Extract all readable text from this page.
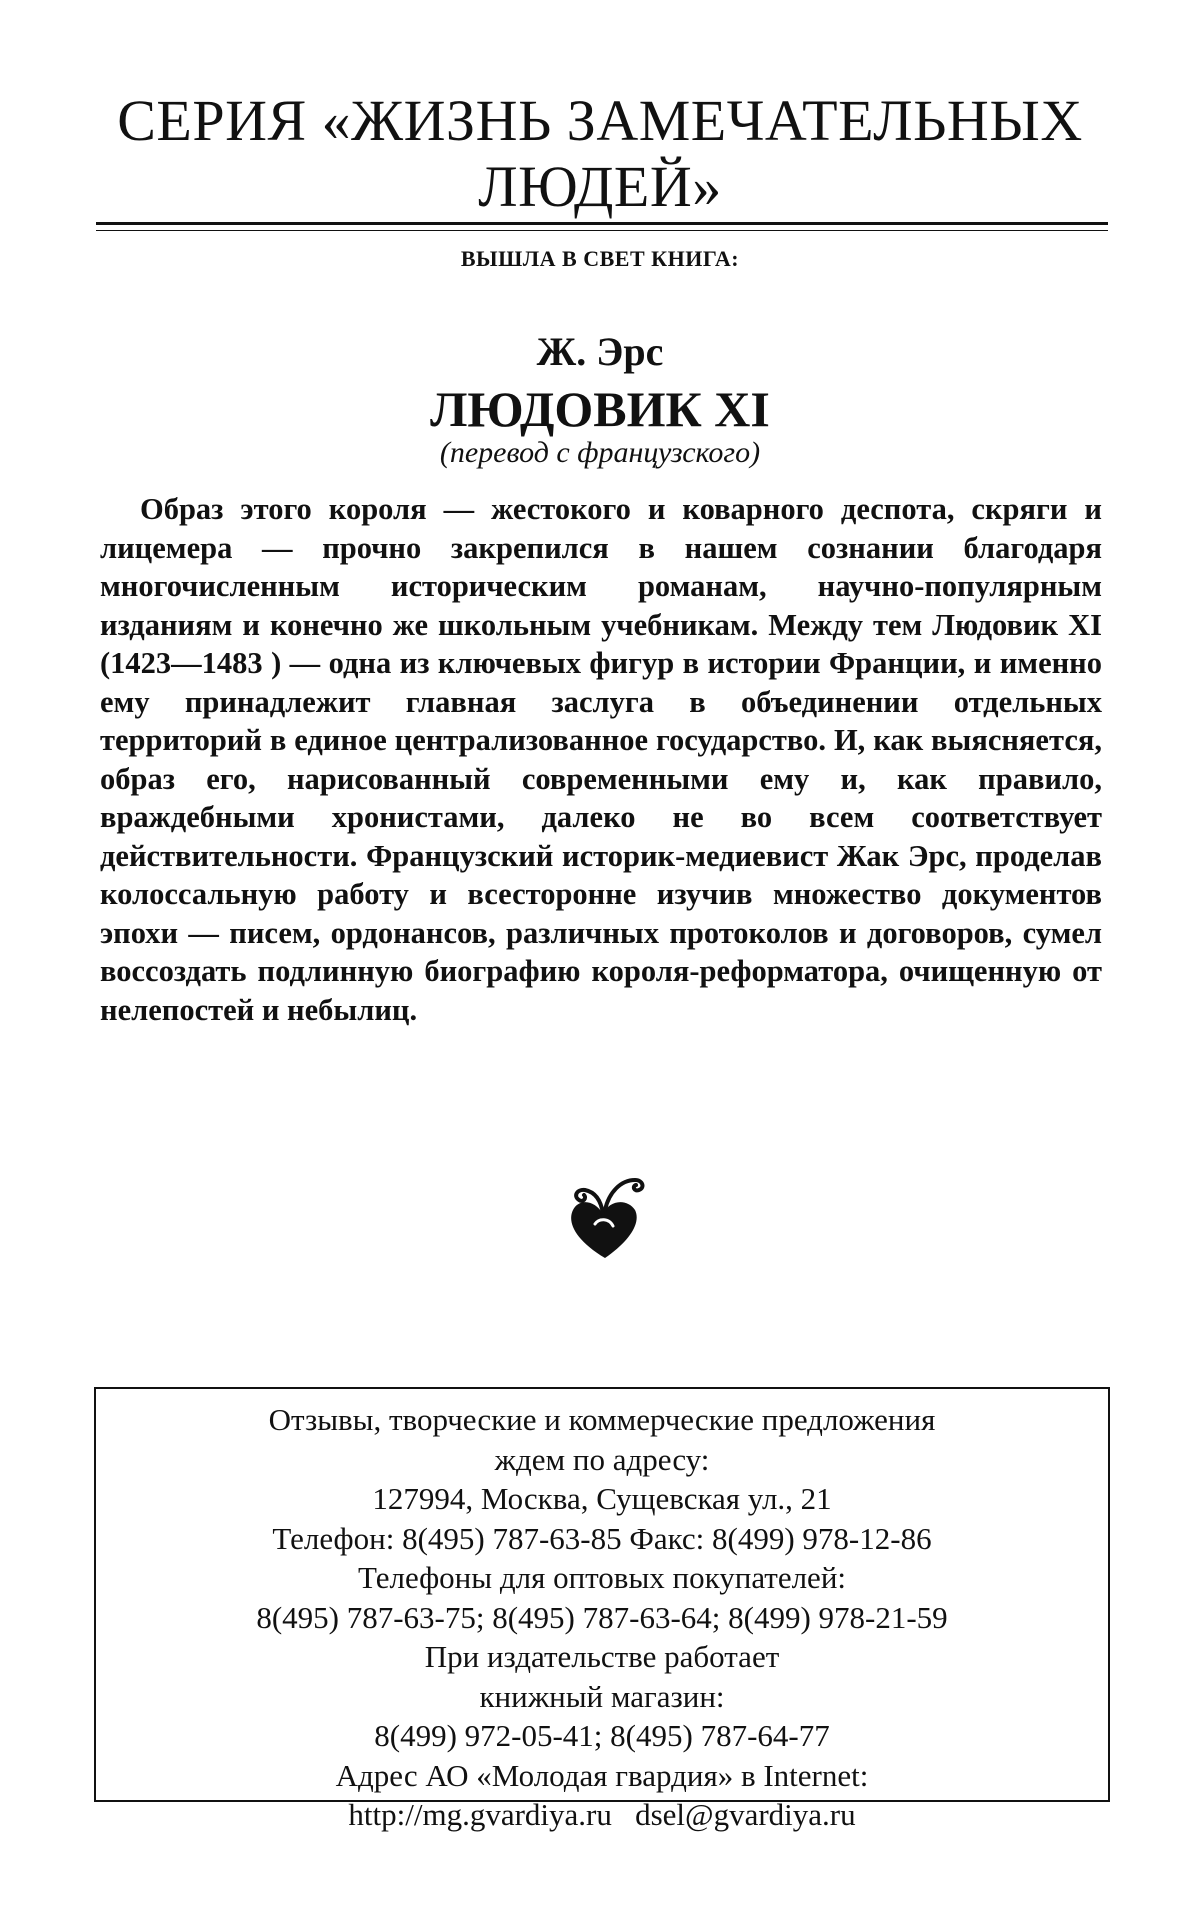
СЕРИЯ «ЖИЗНЬ ЗАМЕЧАТЕЛЬНЫХ
ЛЮДЕЙ»
ВЫШЛА В СВЕТ КНИГА:
Ж. Эрс
ЛЮДОВИК XI
(перевод с французского)

Образ этого короля — жестокого и коварного деспота, скряги и лицемера — прочно закрепился в нашем сознании благодаря многочисленным историческим романам, научно-популярным изданиям и конечно же школьным учебникам. Между тем Людовик XI (1423—1483 ) — одна из ключевых фигур в истории Франции, и именно ему принадлежит главная заслуга в объединении отдельных территорий в единое централизованное государство. И, как выясняется, образ его, нарисованный современными ему и, как правило, враждебными хронистами, далеко не во всем соответствует действительности. Французский историк-медиевист Жак Эрс, проделав колоссальную работу и всесторонне изучив множество документов эпохи — писем, ордонансов, различных протоколов и договоров, сумел воссоздать подлинную биографию короля-реформатора, очищенную от нелепостей и небылиц.

Отзывы, творческие и коммерческие предложения
ждем по адресу:
127994, Москва, Сущевская ул., 21
Телефон: 8(495) 787-63-85 Факс: 8(499) 978-12-86
Телефоны для оптовых покупателей:
8(495) 787-63-75; 8(495) 787-63-64; 8(499) 978-21-59
При издательстве работает
книжный магазин:
8(499) 972-05-41; 8(495) 787-64-77
Адрес АО «Молодая гвардия» в Internet:
http://mg.gvardiya.ru   dsel@gvardiya.ru
